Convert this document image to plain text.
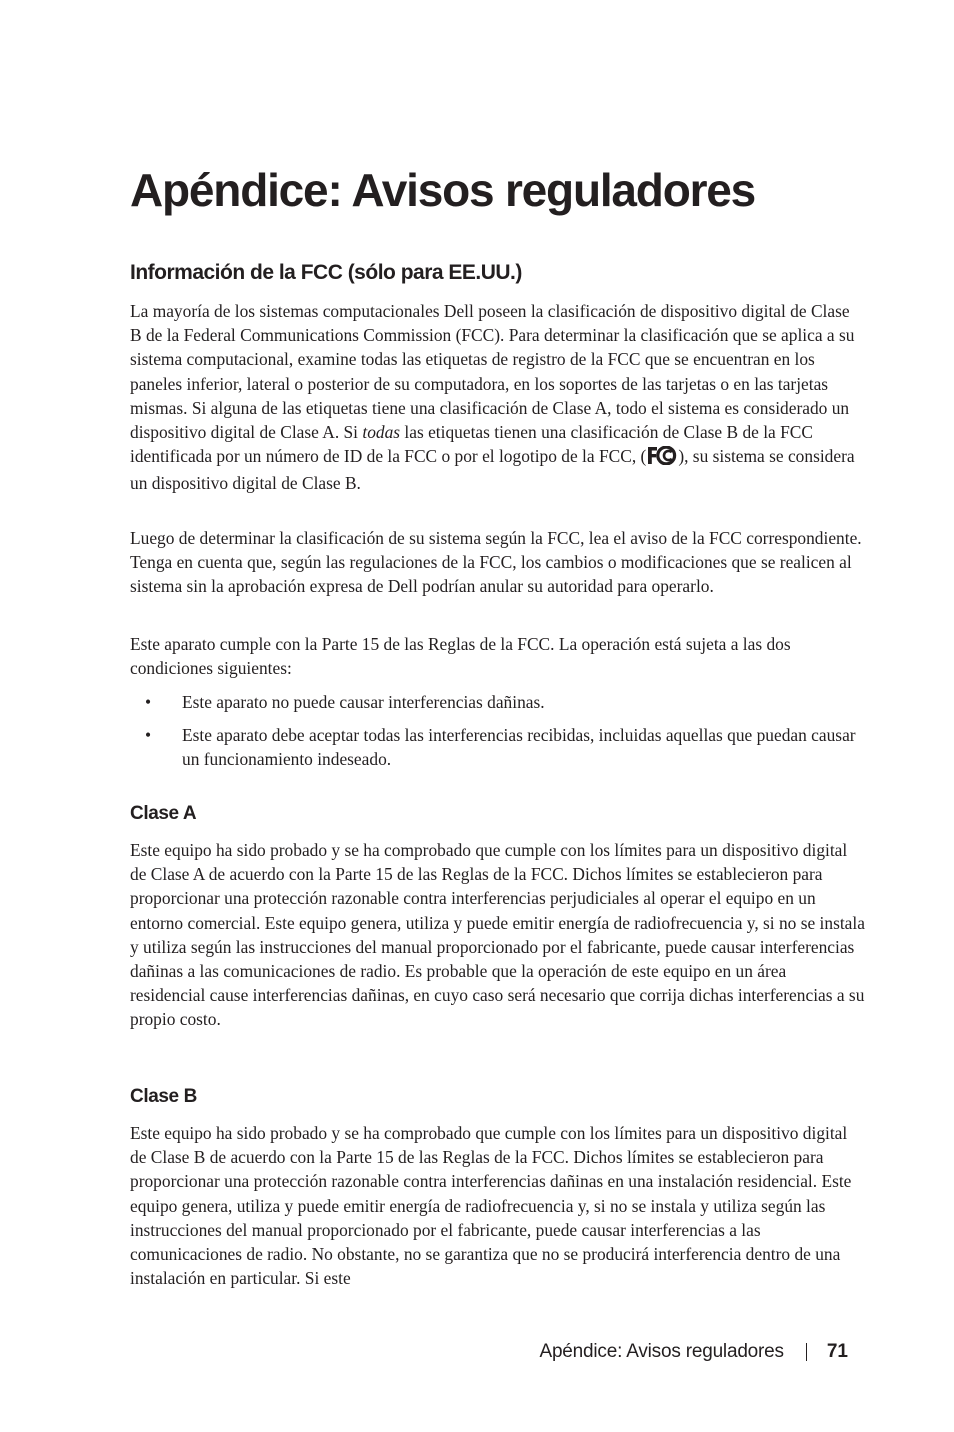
Apéndice: Avisos reguladores
Información de la FCC (sólo para EE.UU.)

La mayoría de los sistemas computacionales Dell poseen la clasificación de dispositivo digital de Clase B de la Federal Communications Commission (FCC). Para determinar la clasificación que se aplica a su sistema computacional, examine todas las etiquetas de registro de la FCC que se encuentran en los paneles inferior, lateral o posterior de su computadora, en los soportes de las tarjetas o en las tarjetas mismas. Si alguna de las etiquetas tiene una clasificación de Clase A, todo el sistema es considerado un dispositivo digital de Clase A. Si todas las etiquetas tienen una clasificación de Clase B de la FCC identificada por un número de ID de la FCC o por el logotipo de la FCC, ( ), su sistema se considera un dispositivo digital de Clase B.

Luego de determinar la clasificación de su sistema según la FCC, lea el aviso de la FCC correspondiente. Tenga en cuenta que, según las regulaciones de la FCC, los cambios o modificaciones que se realicen al sistema sin la aprobación expresa de Dell podrían anular su autoridad para operarlo.

Este aparato cumple con la Parte 15 de las Reglas de la FCC. La operación está sujeta a las dos condiciones siguientes:

• Este aparato no puede causar interferencias dañinas.
• Este aparato debe aceptar todas las interferencias recibidas, incluidas aquellas que puedan causar un funcionamiento indeseado.
Clase A

Este equipo ha sido probado y se ha comprobado que cumple con los límites para un dispositivo digital de Clase A de acuerdo con la Parte 15 de las Reglas de la FCC. Dichos límites se establecieron para proporcionar una protección razonable contra interferencias perjudiciales al operar el equipo en un entorno comercial. Este equipo genera, utiliza y puede emitir energía de radiofrecuencia y, si no se instala y utiliza según las instrucciones del manual proporcionado por el fabricante, puede causar interferencias dañinas a las comunicaciones de radio. Es probable que la operación de este equipo en un área residencial cause interferencias dañinas, en cuyo caso será necesario que corrija dichas interferencias a su propio costo.

Clase B

Este equipo ha sido probado y se ha comprobado que cumple con los límites para un dispositivo digital de Clase B de acuerdo con la Parte 15 de las Reglas de la FCC. Dichos límites se establecieron para proporcionar una protección razonable contra interferencias dañinas en una instalación residencial. Este equipo genera, utiliza y puede emitir energía de radiofrecuencia y, si no se instala y utiliza según las instrucciones del manual proporcionado por el fabricante, puede causar interferencias a las comunicaciones de radio. No obstante, no se garantiza que no se producirá interferencia dentro de una instalación en particular. Si este

Apéndice: Avisos reguladores 71
